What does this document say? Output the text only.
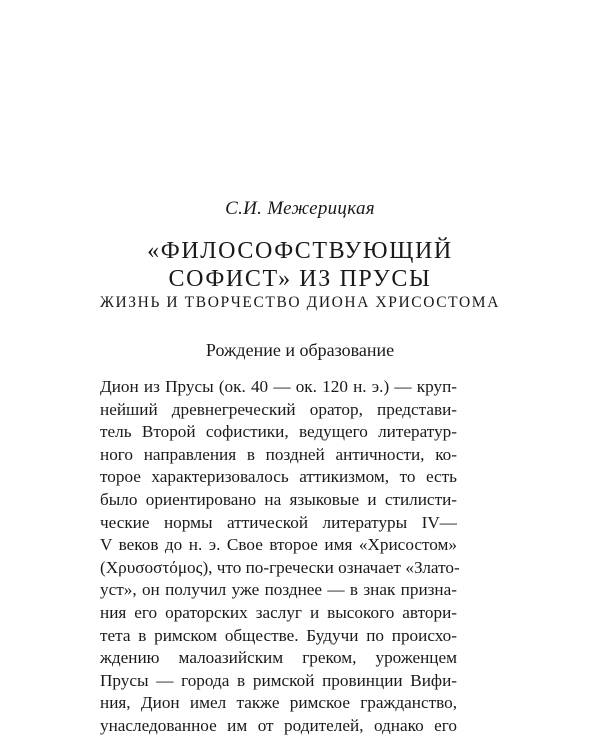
С.И. Межерицкая
«ФИЛОСОФСТВУЮЩИЙ
СОФИСТ» ИЗ ПРУСЫ
ЖИЗНЬ И ТВОРЧЕСТВО ДИОНА ХРИСОСТОМА
Рождение и образование
Дион из Прусы (ок. 40 — ок. 120 н. э.) — круп-
нейший древнегреческий оратор, представи-
тель Второй софистики, ведущего литератур-
ного направления в поздней античности, ко-
торое характеризовалось аттикизмом, то есть
было ориентировано на языковые и стилисти-
ческие нормы аттической литературы IV—
V веков до н. э. Свое второе имя «Хрисостом»
(Χρυσοστόμος), что по-гречески означает «Злато-
уст», он получил уже позднее — в знак призна-
ния его ораторских заслуг и высокого автори-
тета в римском обществе. Будучи по происхо-
ждению малоазийским греком, уроженцем
Прусы — города в римской провинции Вифи-
ния, Дион имел также римское гражданство,
унаследованное им от родителей, однако его
